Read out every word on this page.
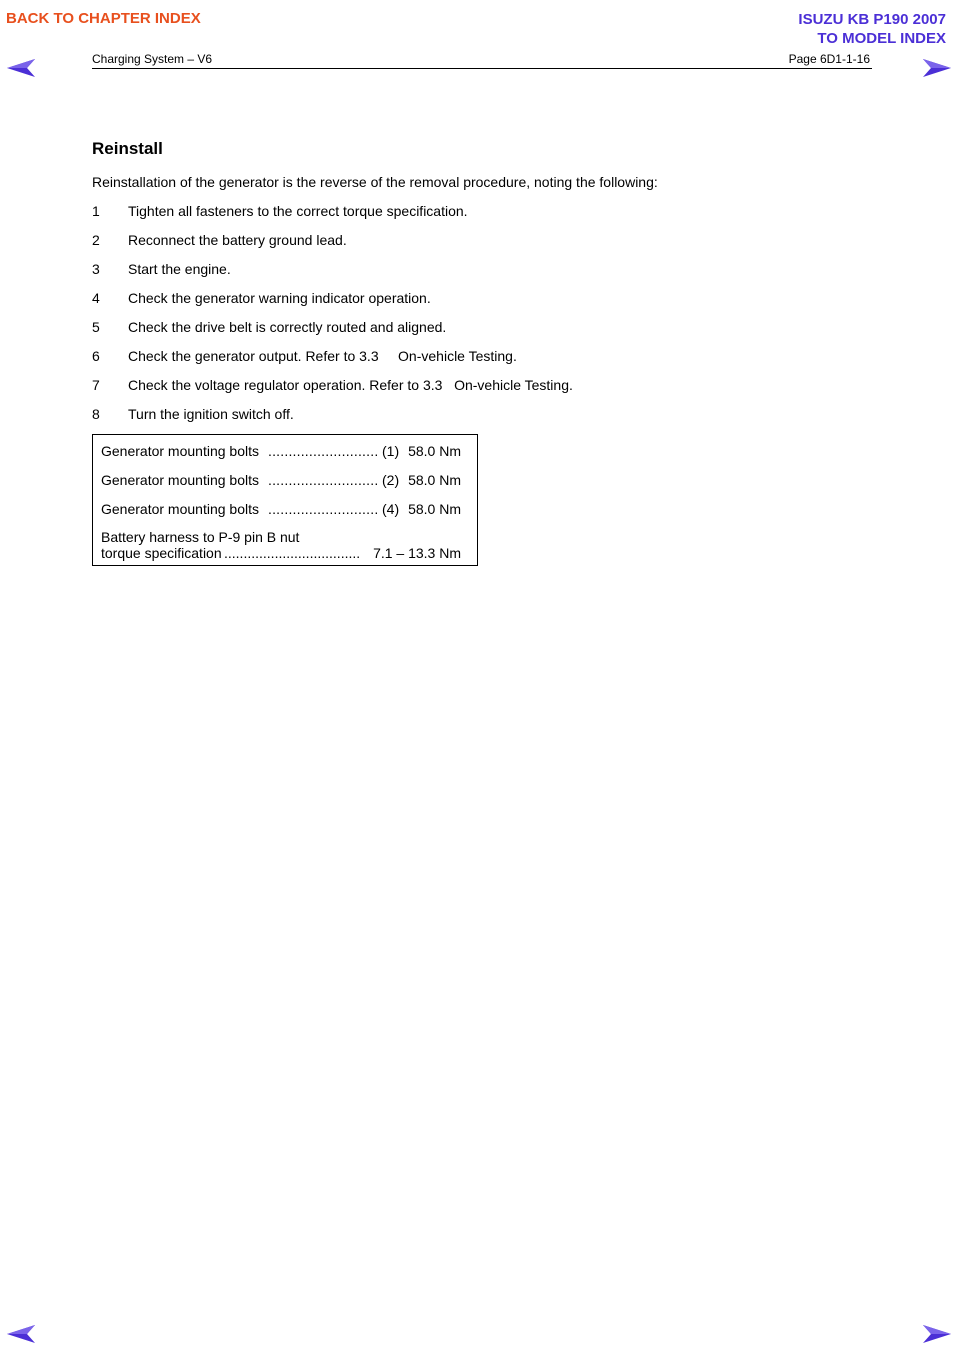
BACK TO CHAPTER INDEX	ISUZU KB P190 2007
TO MODEL INDEX
Charging System – V6	Page 6D1-1-16
Reinstall

Reinstallation of the generator is the reverse of the removal procedure, noting the following:

1	Tighten all fasteners to the correct torque specification.
2	Reconnect the battery ground lead.
3	Start the engine.
4	Check the generator warning indicator operation.
5	Check the drive belt is correctly routed and aligned.
6	Check the generator output. Refer to 3.3     On-vehicle Testing.
7	Check the voltage regulator operation. Refer to 3.3   On-vehicle Testing.
8	Turn the ignition switch off.
Generator mounting bolts ........................... (1) 58.0 Nm
Generator mounting bolts ........................... (2) 58.0 Nm
Generator mounting bolts ........................... (4) 58.0 Nm
Battery harness to P-9 pin B nut
torque specification ................................... 7.1 – 13.3 Nm
